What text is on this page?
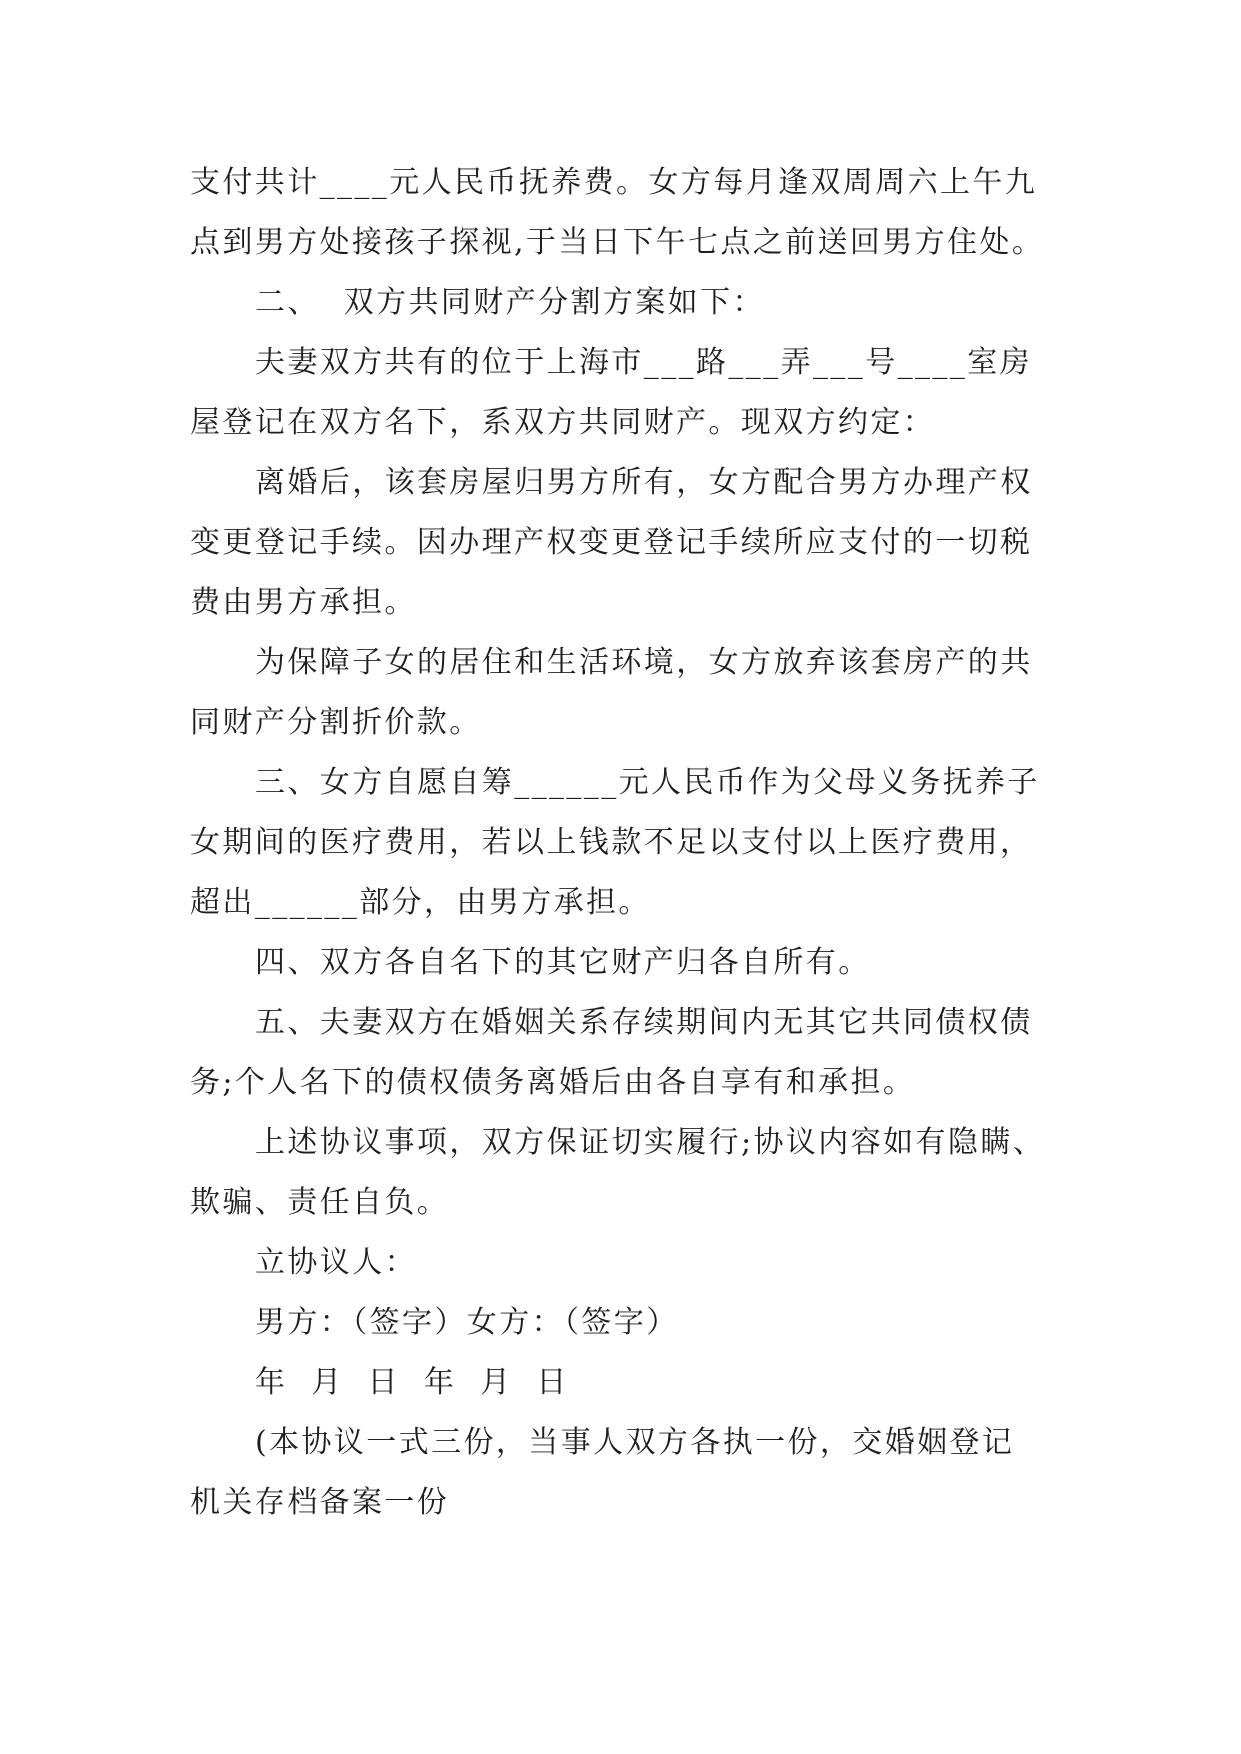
支付共计____元人民币抚养费。女方每月逢双周周六上午九
点到男方处接孩子探视,于当日下午七点之前送回男方住处。
二、  双方共同财产分割方案如下：
夫妻双方共有的位于上海市___路___弄___号____室房
屋登记在双方名下，系双方共同财产。现双方约定：
离婚后，该套房屋归男方所有，女方配合男方办理产权
变更登记手续。因办理产权变更登记手续所应支付的一切税
费由男方承担。
为保障子女的居住和生活环境，女方放弃该套房产的共
同财产分割折价款。
三、女方自愿自筹______元人民币作为父母义务抚养子
女期间的医疗费用，若以上钱款不足以支付以上医疗费用，
超出______部分，由男方承担。
四、双方各自名下的其它财产归各自所有。
五、夫妻双方在婚姻关系存续期间内无其它共同债权债
务;个人名下的债权债务离婚后由各自享有和承担。
上述协议事项，双方保证切实履行;协议内容如有隐瞒、
欺骗、责任自负。
立协议人：
男方：（签字）女方：（签字）
年  月  日  年  月  日
(本协议一式三份，当事人双方各执一份，交婚姻登记
机关存档备案一份
